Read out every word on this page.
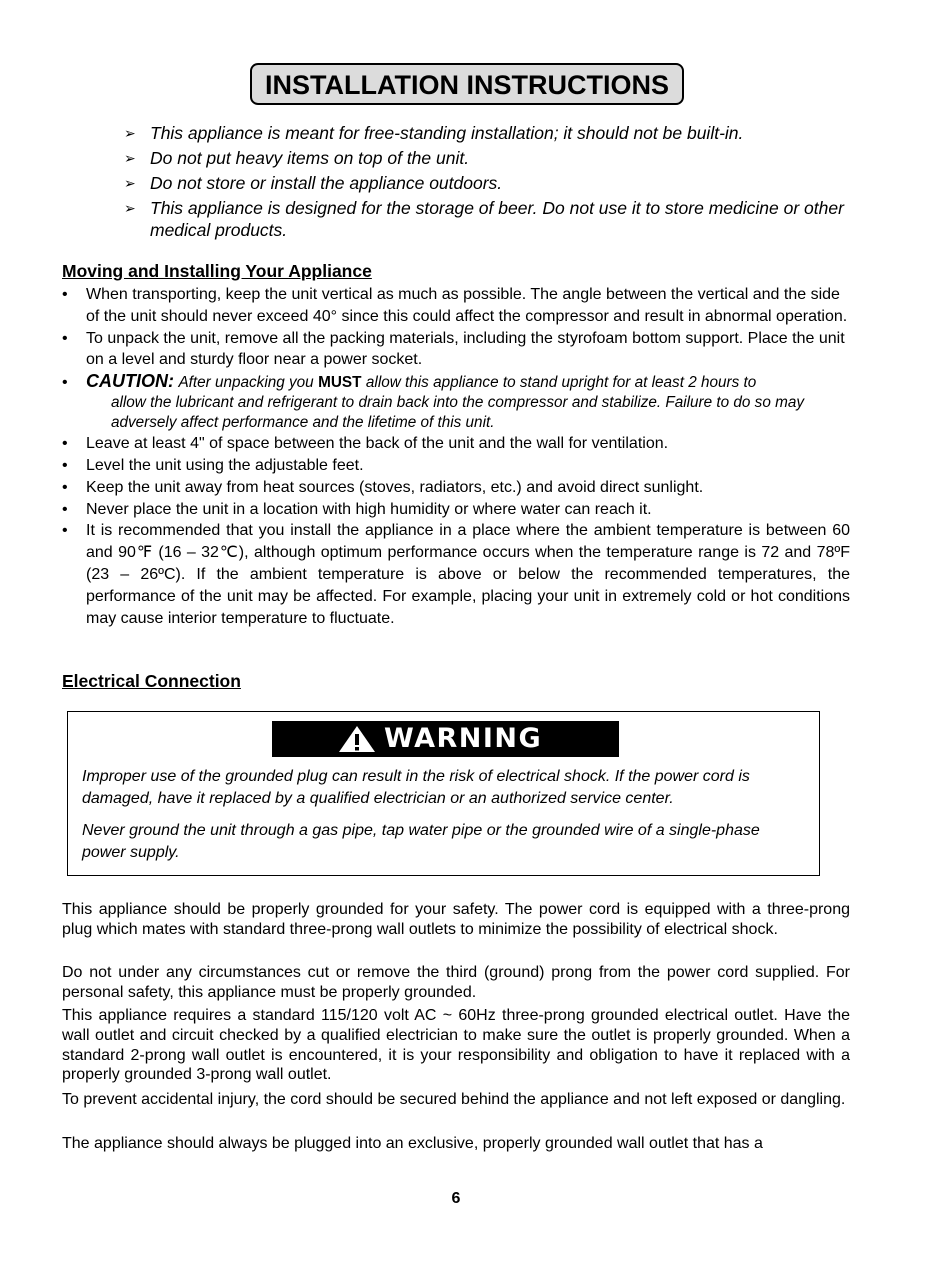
INSTALLATION INSTRUCTIONS
➢ This appliance is meant for free-standing installation; it should not be built-in.
➢ Do not put heavy items on top of the unit.
➢ Do not store or install the appliance outdoors.
➢ This appliance is designed for the storage of beer. Do not use it to store medicine or other medical products.
Moving and Installing Your Appliance
• When transporting, keep the unit vertical as much as possible. The angle between the vertical and the side of the unit should never exceed 40° since this could affect the compressor and result in abnormal operation.
• To unpack the unit, remove all the packing materials, including the styrofoam bottom support. Place the unit on a level and sturdy floor near a power socket.
• CAUTION: After unpacking you MUST allow this appliance to stand upright for at least 2 hours to
allow the lubricant and refrigerant to drain back into the compressor and stabilize. Failure to do so may adversely affect performance and the lifetime of this unit.
• Leave at least 4" of space between the back of the unit and the wall for ventilation.
• Level the unit using the adjustable feet.
• Keep the unit away from heat sources (stoves, radiators, etc.) and avoid direct sunlight.
• Never place the unit in a location with high humidity or where water can reach it.
• It is recommended that you install the appliance in a place where the ambient temperature is between 60 and 90℉ (16 – 32℃), although optimum performance occurs when the temperature range is 72 and 78ºF (23 – 26ºC). If the ambient temperature is above or below the recommended temperatures, the performance of the unit may be affected. For example, placing your unit in extremely cold or hot conditions may cause interior temperature to fluctuate.
Electrical Connection
WARNING
Improper use of the grounded plug can result in the risk of electrical shock. If the power cord is damaged, have it replaced by a qualified electrician or an authorized service center.
Never ground the unit through a gas pipe, tap water pipe or the grounded wire of a single-phase power supply.

This appliance should be properly grounded for your safety. The power cord is equipped with a three-prong plug which mates with standard three-prong wall outlets to minimize the possibility of electrical shock.

Do not under any circumstances cut or remove the third (ground) prong from the power cord supplied. For personal safety, this appliance must be properly grounded.

This appliance requires a standard 115/120 volt AC ~ 60Hz three-prong grounded electrical outlet. Have the wall outlet and circuit checked by a qualified electrician to make sure the outlet is properly grounded. When a standard 2-prong wall outlet is encountered, it is your responsibility and obligation to have it replaced with a properly grounded 3-prong wall outlet.

To prevent accidental injury, the cord should be secured behind the appliance and not left exposed or dangling.

The appliance should always be plugged into an exclusive, properly grounded wall outlet that has a

6
